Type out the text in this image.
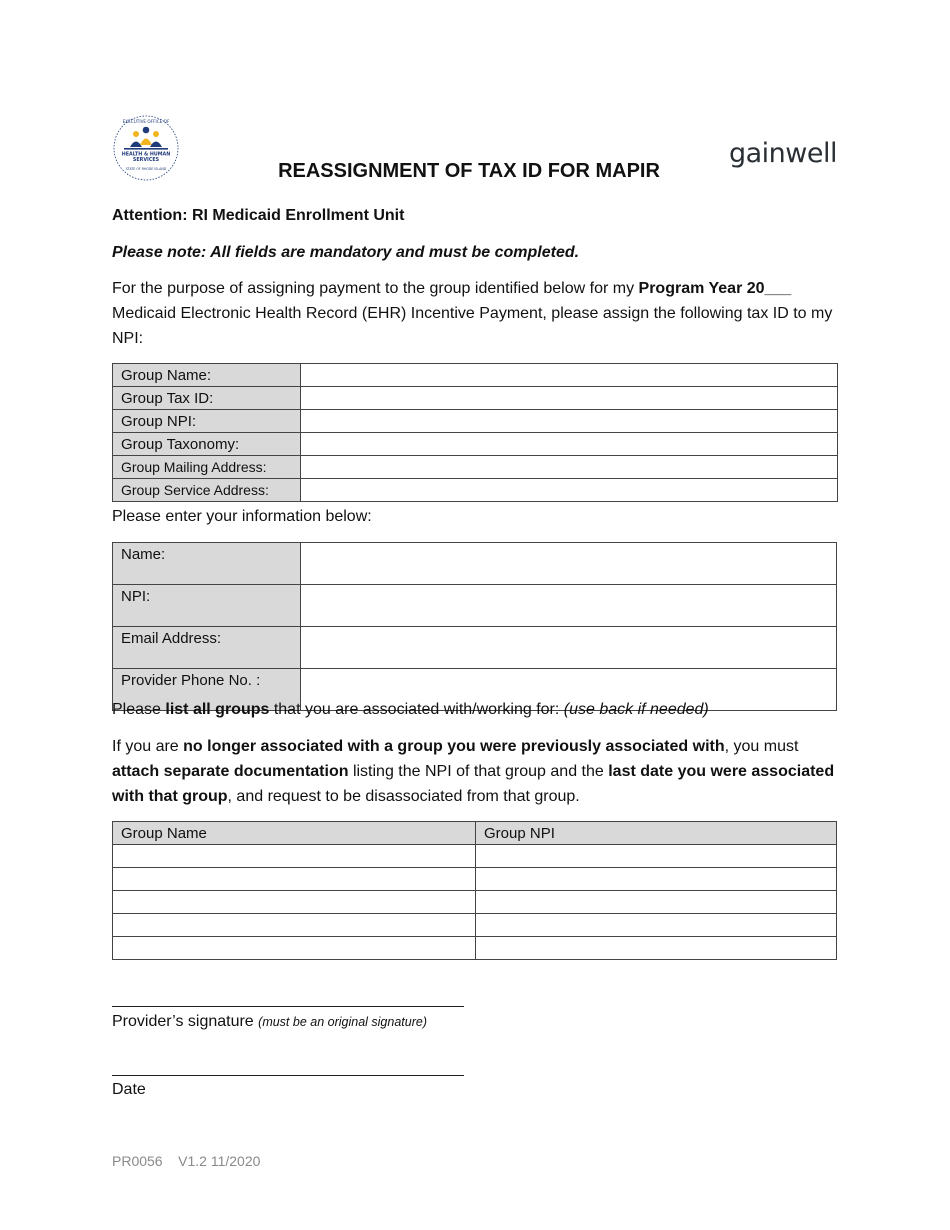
EXECUTIVE OFFICE OF
HEALTH & HUMAN
SERVICES
STATE OF RHODE ISLAND	gainwell
REASSIGNMENT OF TAX ID FOR MAPIR
Attention: RI Medicaid Enrollment Unit
Please note: All fields are mandatory and must be completed.
For the purpose of assigning payment to the group identified below for my Program Year 20___ Medicaid Electronic Health Record (EHR) Incentive Payment, please assign the following tax ID to my NPI:
Group Name:	
Group Tax ID:	
Group NPI:	
Group Taxonomy:	
Group Mailing Address:	
Group Service Address:	
Please enter your information below:
Name:	
NPI:	
Email Address:	
Provider Phone No. :	
Please list all groups that you are associated with/working for: (use back if needed)
If you are no longer associated with a group you were previously associated with, you must attach separate documentation listing the NPI of that group and the last date you were associated with that group, and request to be disassociated from that group.
Group Name	Group NPI

Provider’s signature (must be an original signature)
Date
PR0056    V1.2 11/2020
